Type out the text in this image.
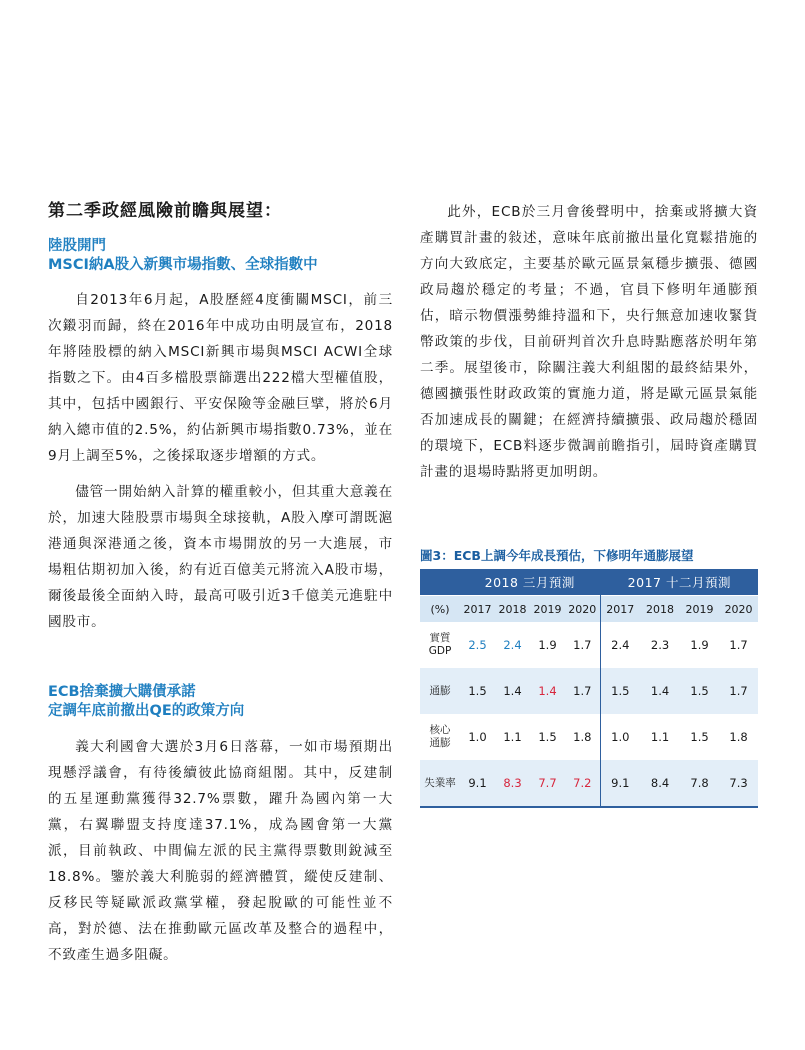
第二季政經風險前瞻與展望：

陸股開門

MSCI納A股入新興市場指數、全球指數中

自2013年6月起，A股歷經4度衝關MSCI，前三次鎩羽而歸，終在2016年中成功由明晟宣布，2018年將陸股標的納入MSCI新興市場與MSCI ACWI全球指數之下。由4百多檔股票篩選出222檔大型權值股，其中，包括中國銀行、平安保險等金融巨擘，將於6月納入總市值的2.5%，約佔新興市場指數0.73%，並在9月上調至5%，之後採取逐步增額的方式。

儘管一開始納入計算的權重較小，但其重大意義在於，加速大陸股票市場與全球接軌，A股入摩可謂既滬港通與深港通之後，資本市場開放的另一大進展，市場粗估期初加入後，約有近百億美元將流入A股市場，爾後最後全面納入時，最高可吸引近3千億美元進駐中國股市。

ECB捨棄擴大購債承諾

定調年底前撤出QE的政策方向

義大利國會大選於3月6日落幕，一如市場預期出現懸浮議會，有待後續彼此協商組閣。其中，反建制的五星運動黨獲得32.7%票數，躍升為國內第一大黨，右翼聯盟支持度達37.1%，成為國會第一大黨派，目前執政、中間偏左派的民主黨得票數則銳減至18.8%。鑒於義大利脆弱的經濟體質，縱使反建制、反移民等疑歐派政黨掌權，發起脫歐的可能性並不高，對於德、法在推動歐元區改革及整合的過程中，不致產生過多阻礙。

此外，ECB於三月會後聲明中，捨棄或將擴大資產購買計畫的敍述，意味年底前撤出量化寬鬆措施的方向大致底定，主要基於歐元區景氣穩步擴張、德國政局趨於穩定的考量；不過，官員下修明年通膨預估，暗示物價漲勢維持溫和下，央行無意加速收緊貨幣政策的步伐，目前研判首次升息時點應落於明年第二季。展望後市，除關注義大利組閣的最終結果外，德國擴張性財政政策的實施力道，將是歐元區景氣能否加速成長的關鍵；在經濟持續擴張、政局趨於穩固的環境下，ECB料逐步微調前瞻指引，屆時資產購買計畫的退場時點將更加明朗。

圖3：ECB上調今年成長預估，下修明年通膨展望

	2018 三月預測				2017 十二月預測			
(%)	2017	2018	2019	2020	2017	2018	2019	2020
實質
GDP	2.5	2.4	1.9	1.7	2.4	2.3	1.9	1.7
通膨	1.5	1.4	1.4	1.7	1.5	1.4	1.5	1.7
核心
通膨	1.0	1.1	1.5	1.8	1.0	1.1	1.5	1.8
失業率	9.1	8.3	7.7	7.2	9.1	8.4	7.8	7.3
